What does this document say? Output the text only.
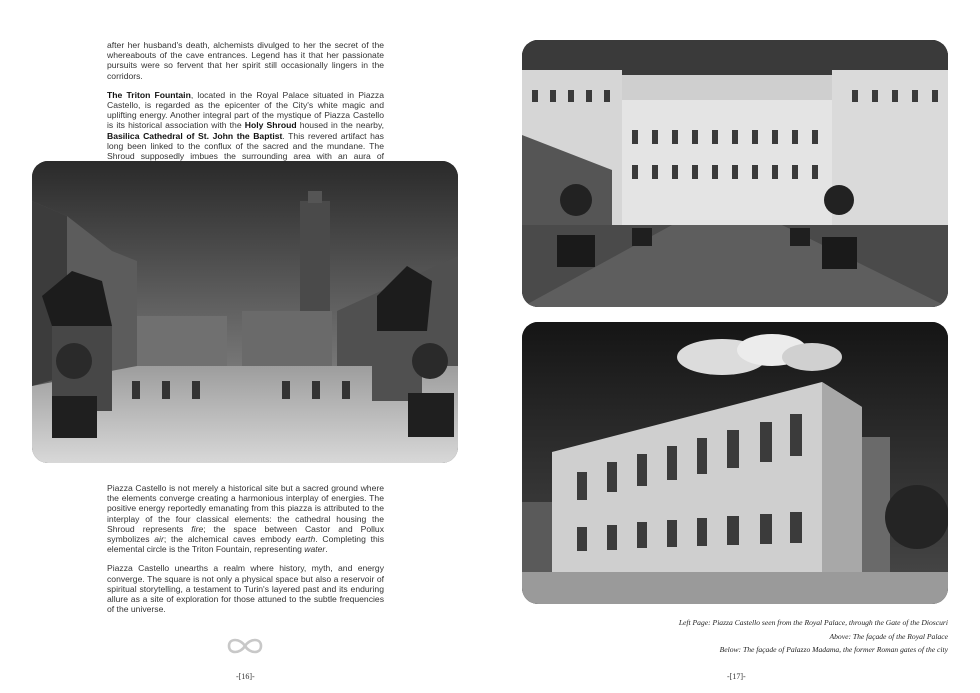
after her husband's death, alchemists divulged to her the secret of the whereabouts of the cave entrances. Legend has it that her passionate pursuits were so fervent that her spirit still occasionally lingers in the corridors.

The Triton Fountain, located in the Royal Palace situated in Piazza Castello, is regarded as the epicenter of the City's white magic and uplifting energy. Another integral part of the mystique of Piazza Castello is its historical association with the Holy Shroud housed in the nearby, Basilica Cathedral of St. John the Baptist. This revered artifact has long been linked to the conflux of the sacred and the mundane. The Shroud supposedly imbues the surrounding area with an aura of

Piazza Castello is not merely a historical site but a sacred ground where the elements converge creating a harmonious interplay of energies. The positive energy reportedly emanating from this piazza is attributed to the interplay of the four classical elements: the cathedral housing the Shroud represents fire; the space between Castor and Pollux symbolizes air; the alchemical caves embody earth. Completing this elemental circle is the Triton Fountain, representing water.

Piazza Castello unearths a realm where history, myth, and energy converge. The square is not only a physical space but also a reservoir of spiritual storytelling, a testament to Turin's layered past and its enduring allure as a site of exploration for those attuned to the subtle frequencies of the universe.

-[16]-
Left Page: Piazza Castello seen from the Royal Palace, through the Gate of the Dioscuri
Above: The façade of the Royal Palace
Below: The façade of Palazzo Madama, the former Roman gates of the city
-[17]-
